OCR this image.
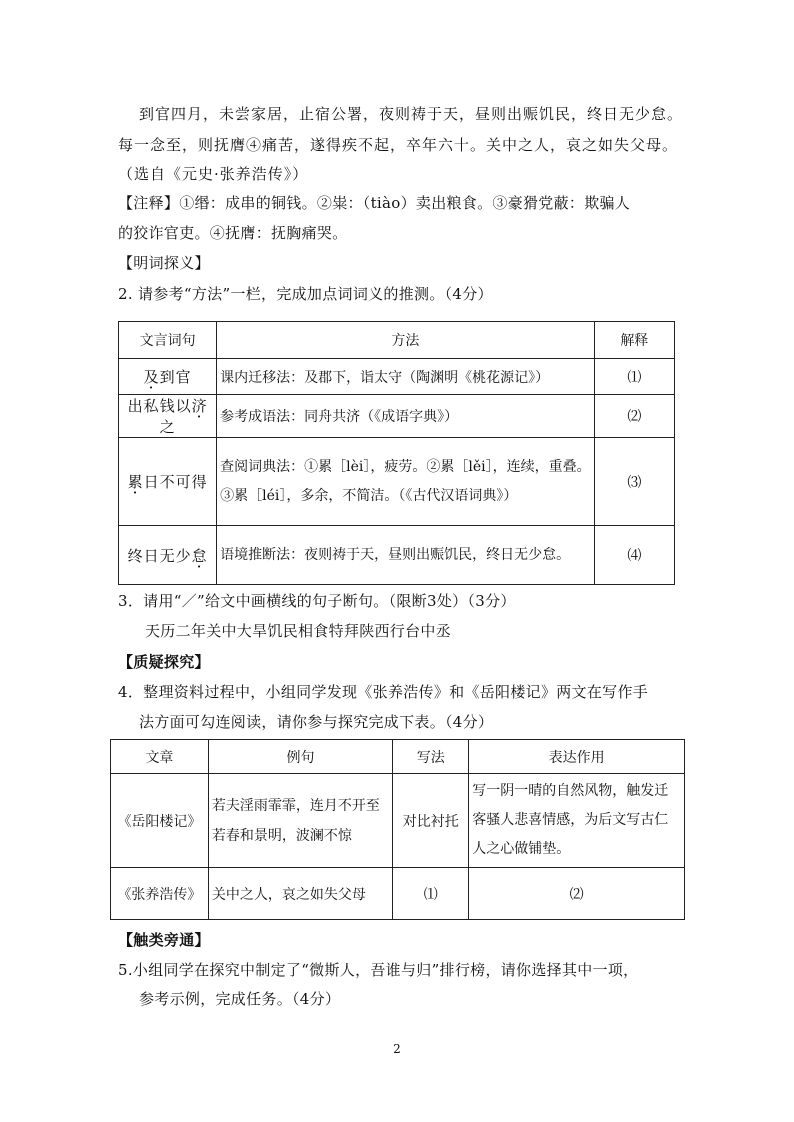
到官四月，未尝家居，止宿公署，夜则祷于天，昼则出赈饥民，终日无少怠。
每一念至，则抚膺④痛苦，遂得疾不起，卒年六十。关中之人，哀之如失父母。
（选自《元史·张养浩传》）
【注释】①缗：成串的铜钱。②粜：（tiào）卖出粮食。③豪猾党蔽：欺骗人
的狡诈官吏。④抚膺：抚胸痛哭。
【明词探义】
2. 请参考“方法”一栏，完成加点词词义的推测。（4分）
文言词句	方法	解释
及到官	课内迁移法：及郡下，诣太守（陶渊明《桃花源记》）	⑴
出私钱以济之	参考成语法：同舟共济（《成语字典》）	⑵
累日不可得	查阅词典法：①累［lèi］，疲劳。②累［lěi］，连续，重叠。③累［léi］，多余，不简洁。（《古代汉语词典》）	⑶
终日无少怠	语境推断法：夜则祷于天，昼则出赈饥民，终日无少怠。	⑷
3．请用“／”给文中画横线的句子断句。（限断3处）（3分）
天历二年关中大旱饥民相食特拜陕西行台中丞
【质疑探究】
4．整理资料过程中，小组同学发现《张养浩传》和《岳阳楼记》两文在写作手
法方面可勾连阅读，请你参与探究完成下表。（4分）
文章	例句	写法	表达作用
《岳阳楼记》	若夫淫雨霏霏，连月不开至若春和景明，波澜不惊	对比衬托	写一阴一晴的自然风物，触发迁客骚人悲喜情感，为后文写古仁人之心做铺垫。
《张养浩传》	关中之人，哀之如失父母	⑴	⑵
【触类旁通】
5.小组同学在探究中制定了“微斯人，吾谁与归”排行榜，请你选择其中一项，
参考示例，完成任务。（4分）
2
